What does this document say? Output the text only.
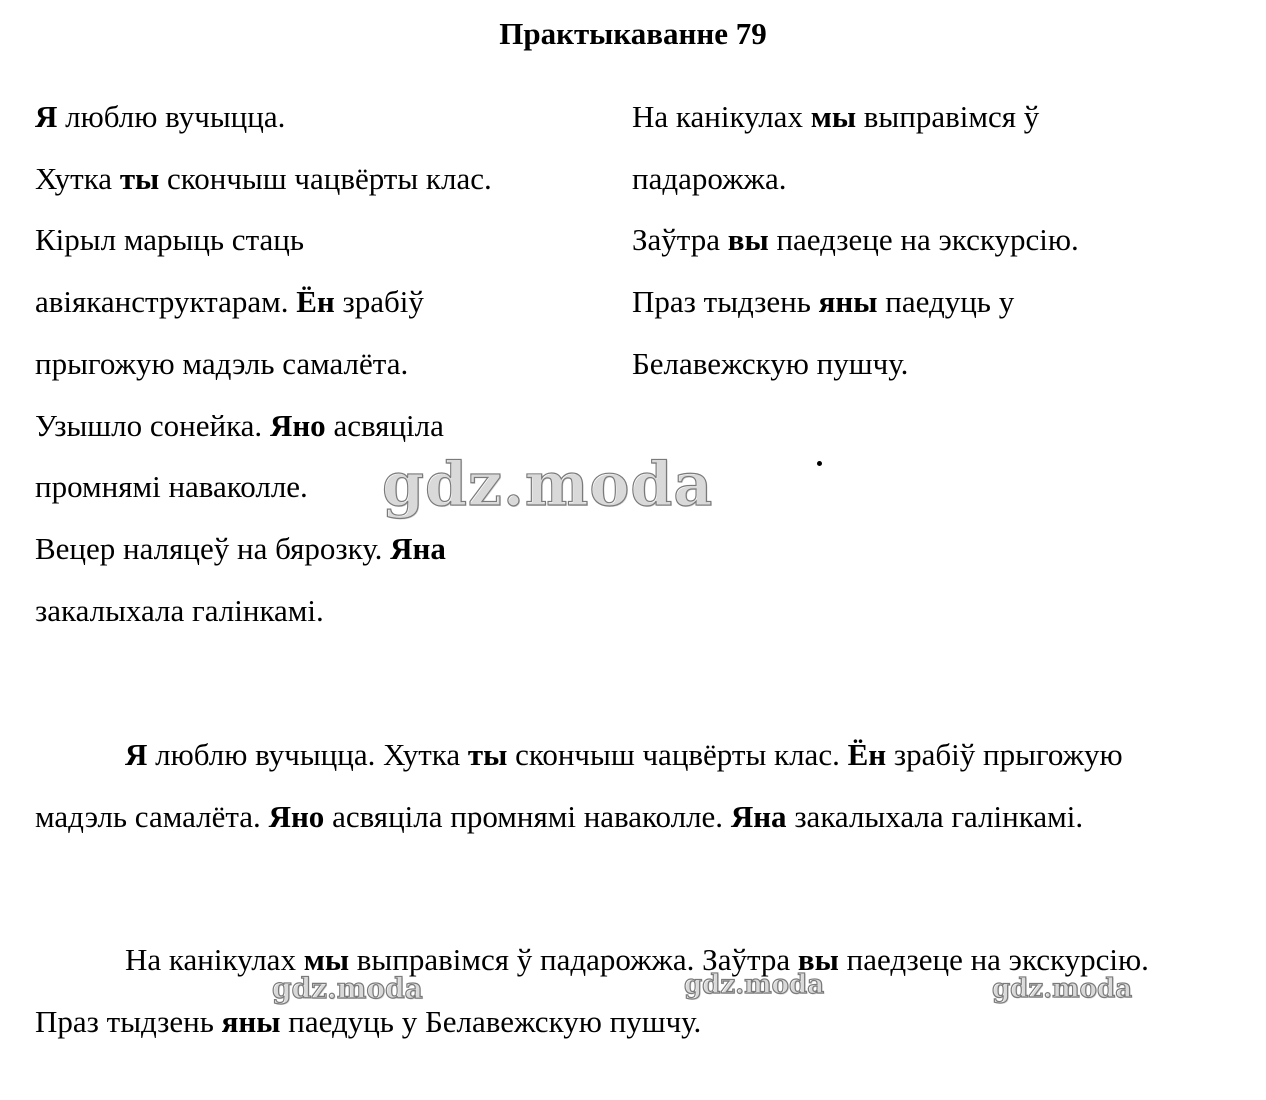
Практыкаванне 79
Я люблю вучыцца.
Хутка ты скончыш чацвёрты клас.
Кірыл марыць стаць
авіяканструктарам. Ён зрабіў
прыгожую мадэль самалёта.
Узышло сонейка. Яно асвяціла
промнямі наваколле.
Вецер наляцеў на бярозку. Яна
закалыхала галінкамі.
На канікулах мы выправімся ў
падарожжа.
Заўтра вы паедзеце на экскурсію.
Праз тыдзень яны паедуць у
Белавежскую пушчу.

Я люблю вучыцца. Хутка ты скончыш чацвёрты клас. Ён зрабіў прыгожую мадэль самалёта. Яно асвяціла промнямі наваколле. Яна закалыхала галінкамі.

На канікулах мы выправімся ў падарожжа. Заўтра вы паедзеце на экскурсію. Праз тыдзень яны паедуць у Белавежскую пушчу.

gdz.moda
gdz.moda	gdz.moda	gdz.moda
